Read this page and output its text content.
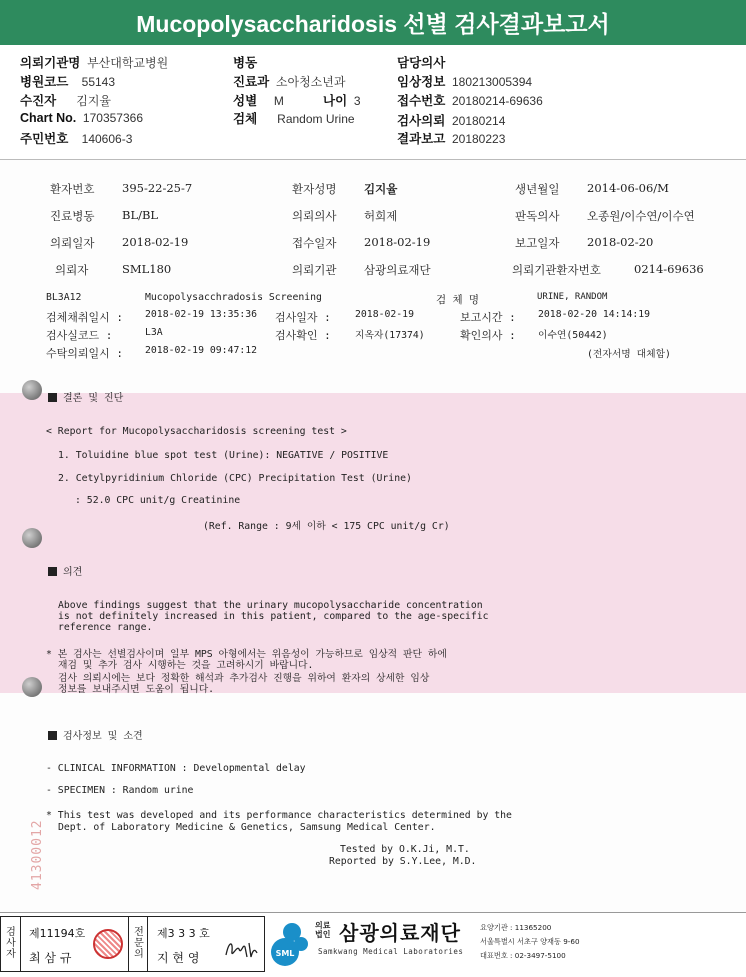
Mucopolysaccharidosis 선별 검사결과보고서
의뢰기관명 부산대학교병원
병원코드 55143
수진자 김지율
Chart No. 170357366
주민번호 140606-3
병동
진료과 소아청소년과
성별 M	나이 3
검체 Random Urine
담당의사
임상정보 180213005394
접수번호 20180214-69636
검사의뢰 20180214
결과보고 20180223
환자번호 395-22-25-7	환자성명 김지율	생년월일 2014-06-06/M
진료병동 BL/BL	의뢰의사 허희제	판독의사 오종원/이수연/이수연
의뢰일자 2018-02-19	접수일자 2018-02-19	보고일자 2018-02-20
의뢰자	SML180	의뢰기관 삼광의료재단	의뢰기관환자번호	0214-69636
BL3A12	Mucopolysacchradosis Screening	검 체 명	URINE, RANDOM
검체채취일시 : 2018-02-19 13:35:36 검사일자 : 2018-02-19	보고시간 : 2018-02-20 14:14:19
검사실코드 :	L3A	검사확인 : 지옥자(17374)	확인의사 : 이수연(50442)
수탁의뢰일시 : 2018-02-19 09:47:12	(전자서명 대체함)
결론 및 진단
< Report for Mucopolysaccharidosis screening test >
1. Toluidine blue spot test (Urine): NEGATIVE / POSITIVE
2. Cetylpyridinium Chloride (CPC) Precipitation Test (Urine)
: 52.0 CPC unit/g Creatinine
(Ref. Range : 9세 이하 < 175 CPC unit/g Cr)
의견
Above findings suggest that the urinary mucopolysaccharide concentration
is not definitely increased in this patient, compared to the age-specific
reference range.
* 본 검사는 선별검사이며 일부 MPS 아형에서는 위음성이 가능하므로 임상적 판단 하에
재검 및 추가 검사 시행하는 것을 고려하시기 바랍니다.
검사 의뢰시에는 보다 정확한 해석과 추가검사 진행을 위하여 환자의 상세한 임상
정보를 보내주시면 도움이 됩니다.
검사정보 및 소견
- CLINICAL INFORMATION : Developmental delay
- SPECIMEN : Random urine
* This test was developed and its performance characteristics determined by the
Dept. of Laboratory Medicine & Genetics, Samsung Medical Center.
Tested by O.K.Ji, M.T.
Reported by S.Y.Lee, M.D.
41300012
검
사
자
제11194호
최 삼 규
전
문
의
제3 3 3 호
지 현 영	SML
의료
법인 삼광의료재단
Samkwang Medical Laboratories
요양기관 : 11365200
서울특별시 서초구 양재동 9-60
대표번호 : 02-3497-5100
